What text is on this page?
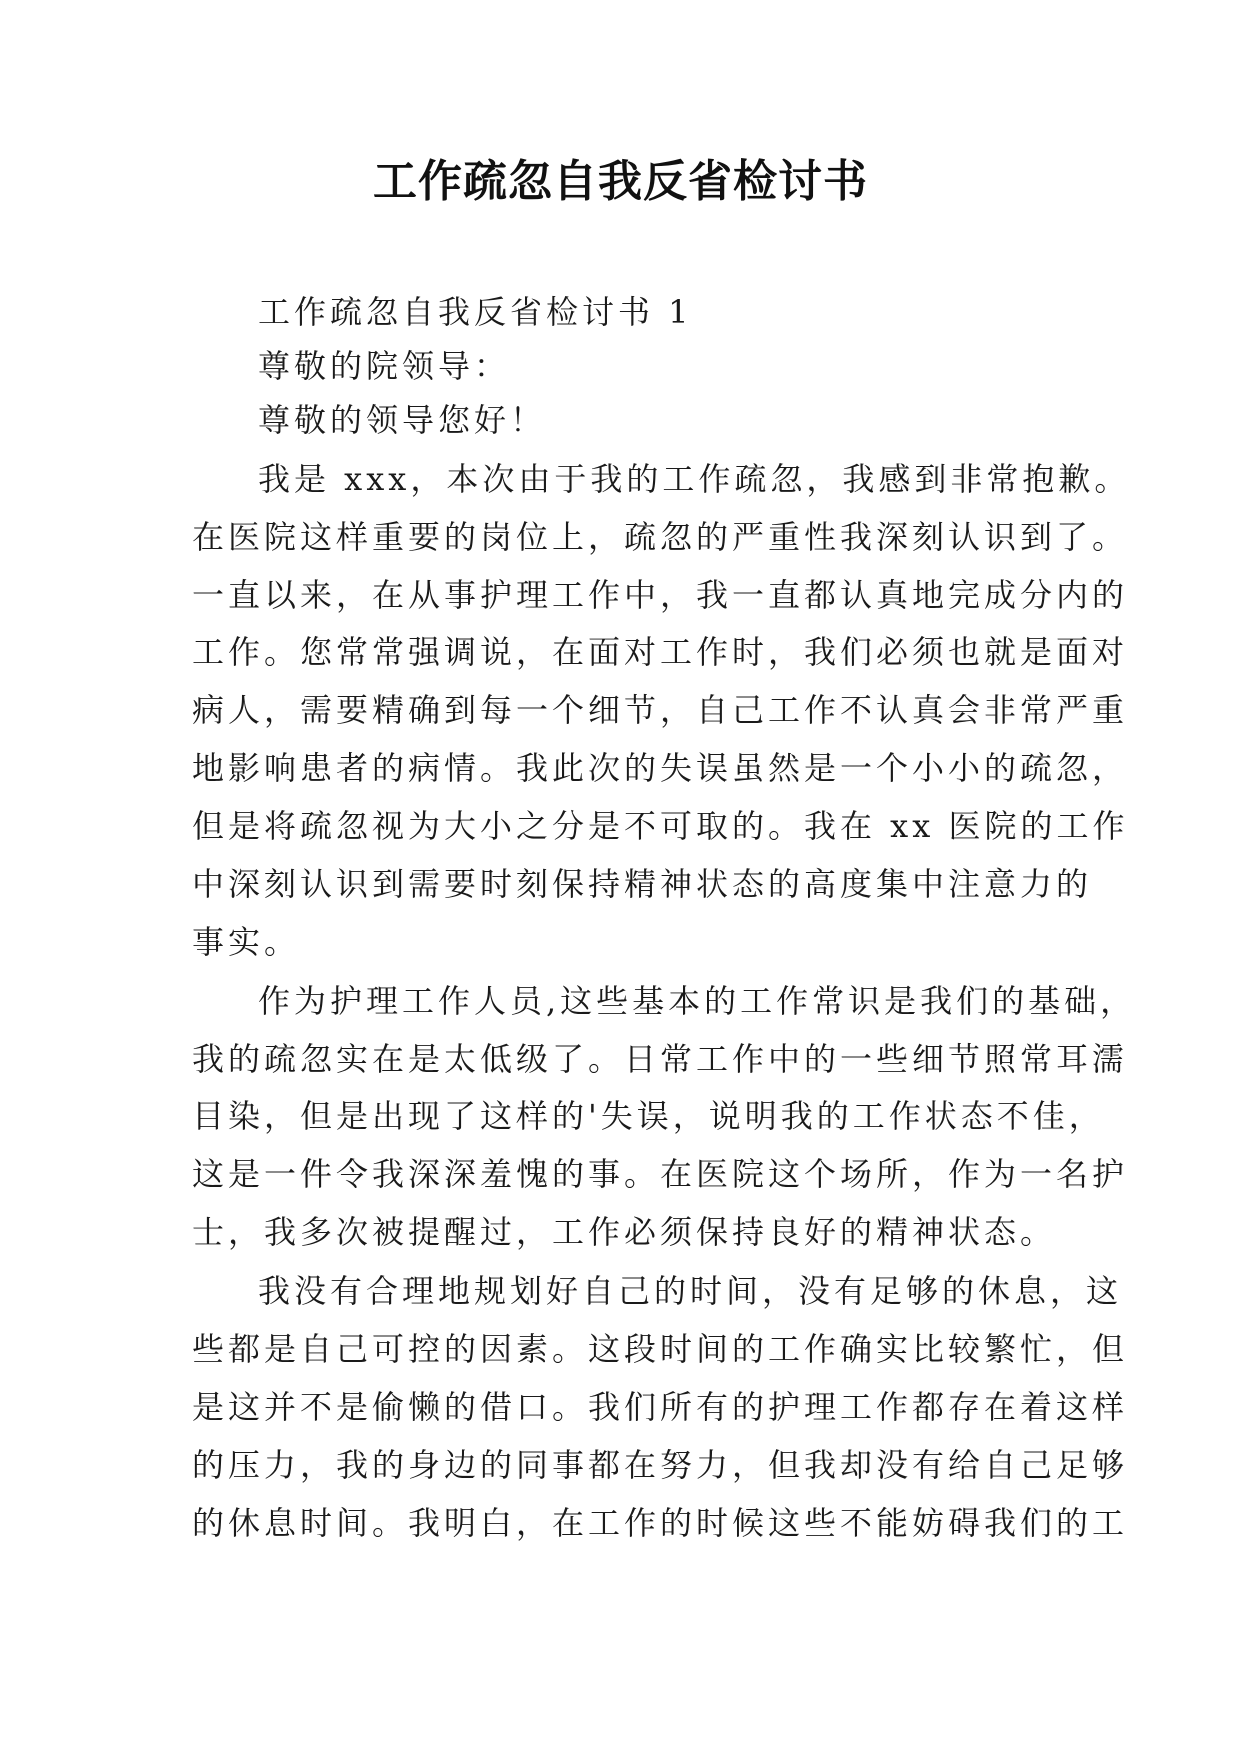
工作疏忽自我反省检讨书

工作疏忽自我反省检讨书 1

尊敬的院领导：

尊敬的领导您好！

我是 xxx，本次由于我的工作疏忽，我感到非常抱歉。

在医院这样重要的岗位上，疏忽的严重性我深刻认识到了。

一直以来，在从事护理工作中，我一直都认真地完成分内的

工作。您常常强调说，在面对工作时，我们必须也就是面对

病人，需要精确到每一个细节，自己工作不认真会非常严重

地影响患者的病情。我此次的失误虽然是一个小小的疏忽，

但是将疏忽视为大小之分是不可取的。我在 xx 医院的工作

中深刻认识到需要时刻保持精神状态的高度集中注意力的

事实。

作为护理工作人员,这些基本的工作常识是我们的基础，

我的疏忽实在是太低级了。日常工作中的一些细节照常耳濡

目染，但是出现了这样的'失误，说明我的工作状态不佳，

这是一件令我深深羞愧的事。在医院这个场所，作为一名护

士，我多次被提醒过，工作必须保持良好的精神状态。

我没有合理地规划好自己的时间，没有足够的休息，这

些都是自己可控的因素。这段时间的工作确实比较繁忙，但

是这并不是偷懒的借口。我们所有的护理工作都存在着这样

的压力，我的身边的同事都在努力，但我却没有给自己足够

的休息时间。我明白，在工作的时候这些不能妨碍我们的工
